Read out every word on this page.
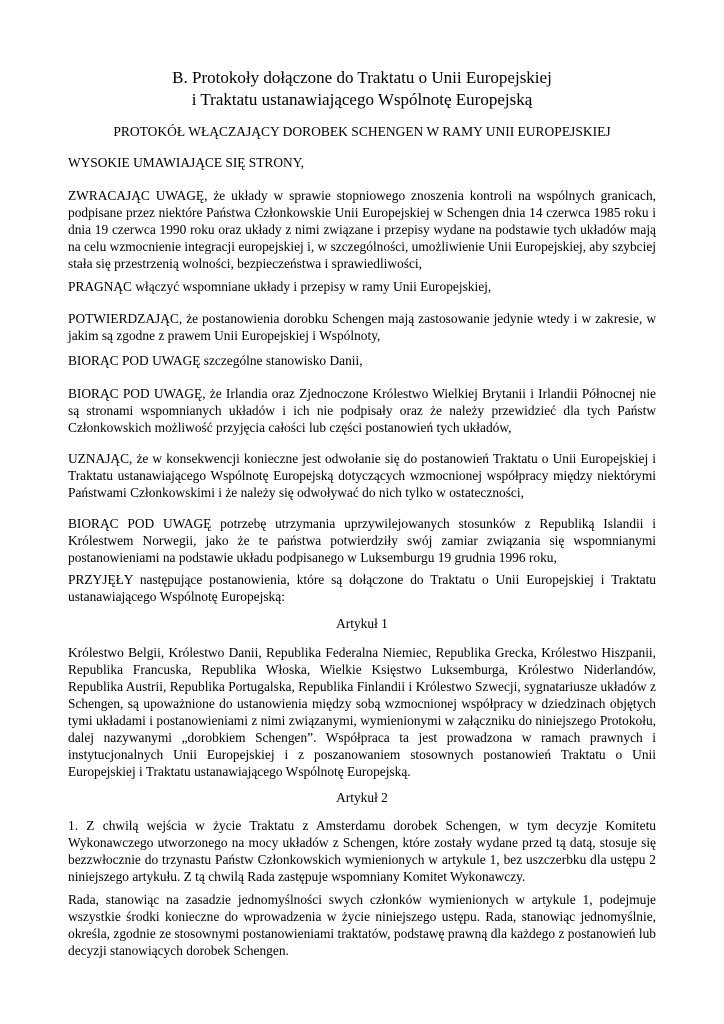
B. Protokoły dołączone do Traktatu o Unii Europejskiej
i Traktatu ustanawiającego Wspólnotę Europejską
PROTOKÓŁ WŁĄCZAJĄCY DOROBEK SCHENGEN W RAMY UNII EUROPEJSKIEJ

WYSOKIE UMAWIAJĄCE SIĘ STRONY,

ZWRACAJĄC UWAGĘ, że układy w sprawie stopniowego znoszenia kontroli na wspólnych granicach, podpisane przez niektóre Państwa Członkowskie Unii Europejskiej w Schengen dnia 14 czerwca 1985 roku i dnia 19 czerwca 1990 roku oraz układy z nimi związane i przepisy wydane na podstawie tych układów mają na celu wzmocnienie integracji europejskiej i, w szczególności, umożliwienie Unii Europejskiej, aby szybciej stała się przestrzenią wolności, bezpieczeństwa i sprawiedliwości,

PRAGNĄC włączyć wspomniane układy i przepisy w ramy Unii Europejskiej,

POTWIERDZAJĄC, że postanowienia dorobku Schengen mają zastosowanie jedynie wtedy i w zakresie, w jakim są zgodne z prawem Unii Europejskiej i Wspólnoty,

BIORĄC POD UWAGĘ szczególne stanowisko Danii,

BIORĄC POD UWAGĘ, że Irlandia oraz Zjednoczone Królestwo Wielkiej Brytanii i Irlandii Północnej nie są stronami wspomnianych układów i ich nie podpisały oraz że należy przewidzieć dla tych Państw Członkowskich możliwość przyjęcia całości lub części postanowień tych układów,

UZNAJĄC, że w konsekwencji konieczne jest odwołanie się do postanowień Traktatu o Unii Europejskiej i Traktatu ustanawiającego Wspólnotę Europejską dotyczących wzmocnionej współpracy między niektórymi Państwami Członkowskimi i że należy się odwoływać do nich tylko w ostateczności,

BIORĄC POD UWAGĘ potrzebę utrzymania uprzywilejowanych stosunków z Republiką Islandii i Królestwem Norwegii, jako że te państwa potwierdziły swój zamiar związania się wspomnianymi postanowieniami na podstawie układu podpisanego w Luksemburgu 19 grudnia 1996 roku,

PRZYJĘŁY następujące postanowienia, które są dołączone do Traktatu o Unii Europejskiej i Traktatu ustanawiającego Wspólnotę Europejską:

Artykuł 1

Królestwo Belgii, Królestwo Danii, Republika Federalna Niemiec, Republika Grecka, Królestwo Hiszpanii, Republika Francuska, Republika Włoska, Wielkie Księstwo Luksemburga, Królestwo Niderlandów, Republika Austrii, Republika Portugalska, Republika Finlandii i Królestwo Szwecji, sygnatariusze układów z Schengen, są upoważnione do ustanowienia między sobą wzmocnionej współpracy w dziedzinach objętych tymi układami i postanowieniami z nimi związanymi, wymienionymi w załączniku do niniejszego Protokołu, dalej nazywanymi „dorobkiem Schengen”. Współpraca ta jest prowadzona w ramach prawnych i instytucjonalnych Unii Europejskiej i z poszanowaniem stosownych postanowień Traktatu o Unii Europejskiej i Traktatu ustanawiającego Wspólnotę Europejską.

Artykuł 2

1. Z chwilą wejścia w życie Traktatu z Amsterdamu dorobek Schengen, w tym decyzje Komitetu Wykonawczego utworzonego na mocy układów z Schengen, które zostały wydane przed tą datą, stosuje się bezzwłocznie do trzynastu Państw Członkowskich wymienionych w artykule 1, bez uszczerbku dla ustępu 2 niniejszego artykułu. Z tą chwilą Rada zastępuje wspomniany Komitet Wykonawczy.

Rada, stanowiąc na zasadzie jednomyślności swych członków wymienionych w artykule 1, podejmuje wszystkie środki konieczne do wprowadzenia w życie niniejszego ustępu. Rada, stanowiąc jednomyślnie, określa, zgodnie ze stosownymi postanowieniami traktatów, podstawę prawną dla każdego z postanowień lub decyzji stanowiących dorobek Schengen.
